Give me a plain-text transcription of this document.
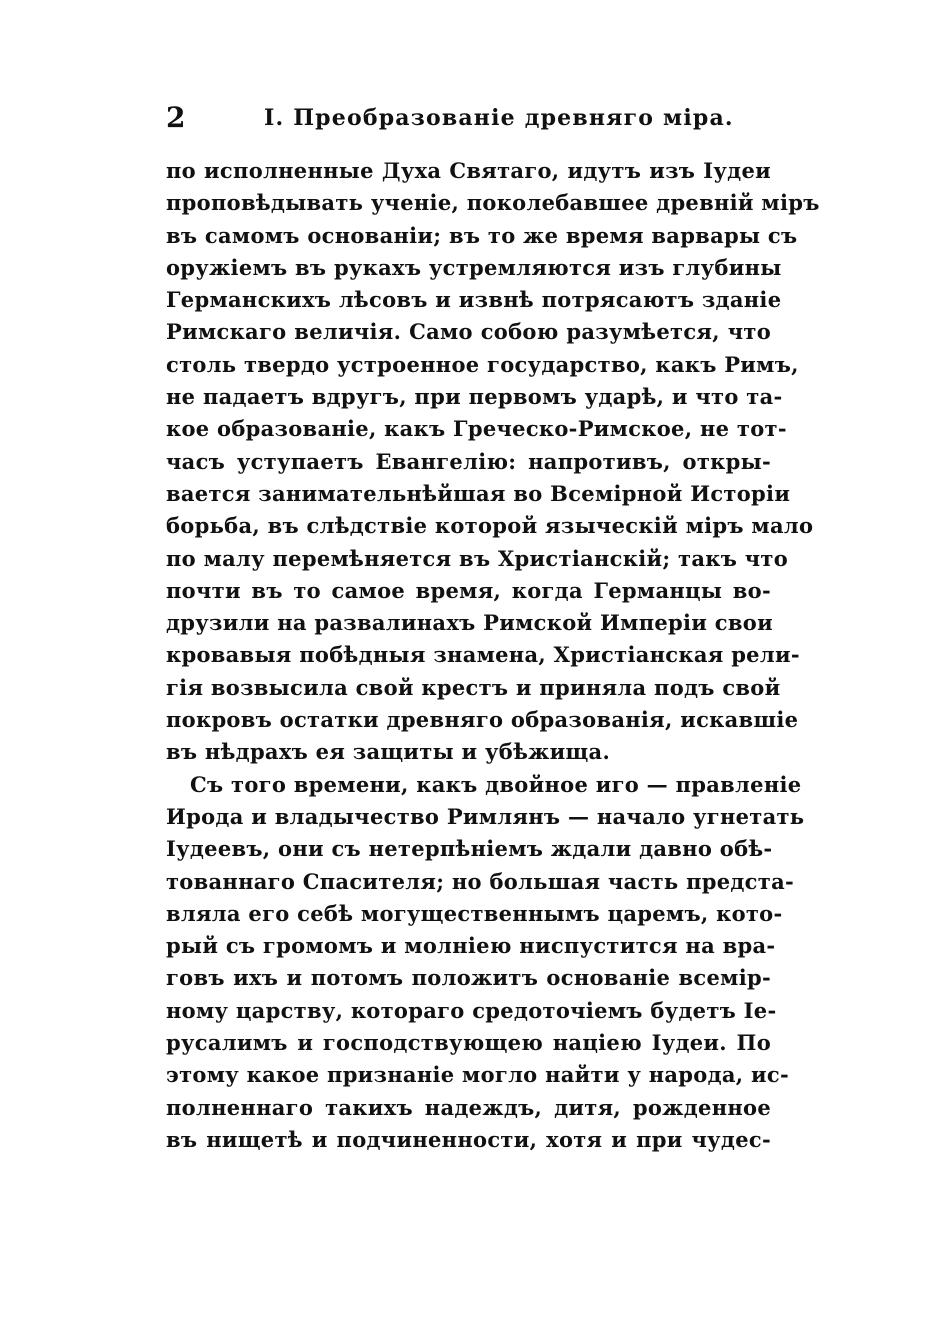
2	I. Преобразованіе древняго міра.
по исполненные Духа Святаго, идутъ изъ Іудеи
проповѣдывать ученіе, поколебавшее древній міръ
въ самомъ основаніи; въ то же время варвары съ
оружіемъ въ рукахъ устремляются изъ глубины
Германскихъ лѣсовъ и извнѣ потрясаютъ зданіе
Римскаго величія. Само собою разумѣется, что
столь твердо устроенное государство, какъ Римъ,
не падаетъ вдругъ, при первомъ ударѣ, и что та-
кое образованіе, какъ Греческо-Римское, не тот-
часъ уступаетъ Евангелію: напротивъ, откры-
вается занимательнѣйшая во Всемірной Исторіи
борьба, въ слѣдствіе которой языческій міръ мало
по малу перемѣняется въ Христіанскій; такъ что
почти въ то самое время, когда Германцы во-
друзили на развалинахъ Римской Имперіи свои
кровавыя побѣдныя знамена, Христіанская рели-
гія возвысила свой крестъ и приняла подъ свой
покровъ остатки древняго образованія, искавшіе
въ нѣдрахъ ея защиты и убѣжища.
Съ того времени, какъ двойное иго — правленіе
Ирода и владычество Римлянъ — начало угнетать
Іудеевъ, они съ нетерпѣніемъ ждали давно обѣ-
тованнаго Спасителя; но большая часть предста-
вляла его себѣ могущественнымъ царемъ, кото-
рый съ громомъ и молніею ниспустится на вра-
говъ ихъ и потомъ положитъ основаніе всемір-
ному царству, котораго средоточіемъ будетъ Іе-
русалимъ и господствующею націею Іудеи. По
этому какое признаніе могло найти у народа, ис-
полненнаго такихъ надеждъ, дитя, рожденное
въ нищетѣ и подчиненности, хотя и при чудес-
